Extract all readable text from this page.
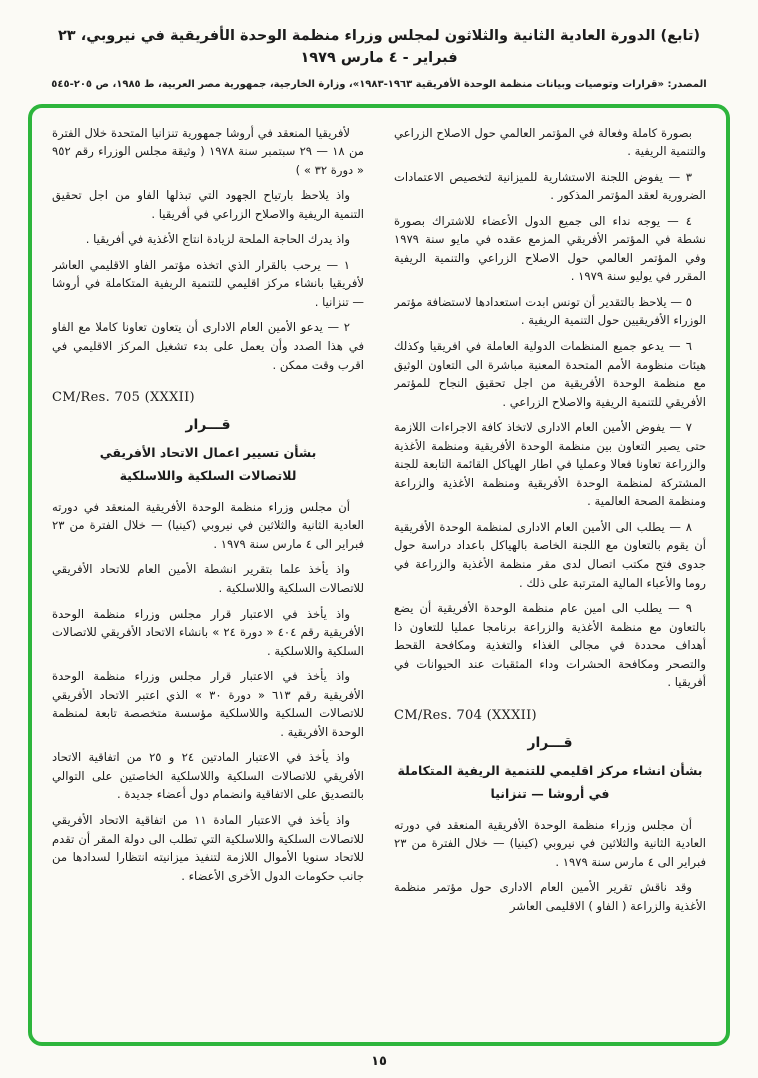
(تابع) الدورة العادية الثانية والثلاثون لمجلس وزراء منظمة الوحدة الأفريقية في نيروبي، ٢٣ فبراير - ٤ مارس ١٩٧٩
المصدر: «قرارات وتوصيات وبيانات منظمة الوحدة الأفريقية ١٩٦٣-١٩٨٣»، وزارة الخارجية، جمهورية مصر العربية، ط ١٩٨٥، ص ٢٠٥-٥٤٥
بصورة كاملة وفعالة في المؤتمر العالمي حول الاصلاح الزراعي والتنمية الريفية .
٣ — يفوض اللجنة الاستشارية للميزانية لتخصيص الاعتمادات الضرورية لعقد المؤتمر المذكور .
٤ — يوجه نداء الى جميع الدول الأعضاء للاشتراك بصورة نشطة في المؤتمر الأفريقي المزمع عقده في مايو سنة ١٩٧٩ وفي المؤتمر العالمي حول الاصلاح الزراعي والتنمية الريفية المقرر في يوليو سنة ١٩٧٩ .
٥ — يلاحظ بالتقدير أن تونس ابدت استعدادها لاستضافة مؤتمر الوزراء الأفريقيين حول التنمية الريفية .
٦ — يدعو جميع المنظمات الدولية العاملة في افريقيا وكذلك هيئات منظومة الأمم المتحدة المعنية مباشرة الى التعاون الوثيق مع منظمة الوحدة الأفريقية من اجل تحقيق النجاح للمؤتمر الأفريقي للتنمية الريفية والاصلاح الزراعي .
٧ — يفوض الأمين العام الادارى لاتخاذ كافة الاجراءات اللازمة حتى يصير التعاون بين منظمة الوحدة الأفريقية ومنظمة الأغذية والزراعة تعاونا فعالا وعمليا في اطار الهياكل القائمة التابعة للجنة المشتركة لمنظمة الوحدة الأفريقية ومنظمة الأغذية والزراعة ومنظمة الصحة العالمية .
٨ — يطلب الى الأمين العام الادارى لمنظمة الوحدة الأفريقية أن يقوم بالتعاون مع اللجنة الخاصة بالهياكل باعداد دراسة حول جدوى فتح مكتب اتصال لدى مقر منظمة الأغذية والزراعة في روما والأعباء المالية المترتبة على ذلك .
٩ — يطلب الى امين عام منظمة الوحدة الأفريقية أن يضع بالتعاون مع منظمة الأغذية والزراعة برنامجا عمليا للتعاون ذا أهداف محددة في مجالى الغذاء والتغذية ومكافحة القحط والتصحر ومكافحة الحشرات وداء المثقبات عند الحيوانات في أفريقيا .
CM/Res. 704 (XXXII)
قـــرار
بشأن انشاء مركز اقليمي للتنمية الريفية المتكاملة
في أروشا — تنزانيا
أن مجلس وزراء منظمة الوحدة الأفريقية المنعقد في دورته العادية الثانية والثلاثين في نيروبي (كينيا) — خلال الفترة من ٢٣ فبراير الى ٤ مارس سنة ١٩٧٩ .
وقد ناقش تقرير الأمين العام الادارى حول مؤتمر منظمة الأغذية والزراعة ( الفاو ) الاقليمى العاشر
لأفريقيا المنعقد في أروشا جمهورية تنزانيا المتحدة خلال الفترة من ١٨ — ٢٩ سبتمبر سنة ١٩٧٨ ( وثيقة مجلس الوزراء رقم ٩٥٢ « دورة ٣٢ » )
واذ يلاحظ بارتياح الجهود التي تبذلها الفاو من اجل تحقيق التنمية الريفية والاصلاح الزراعي في أفريقيا .
واذ يدرك الحاجة الملحة لزيادة انتاج الأغذية في أفريقيا .
١ — يرحب بالقرار الذي اتخذه مؤتمر الفاو الاقليمي العاشر لأفريقيا بانشاء مركز اقليمي للتنمية الريفية المتكاملة في أروشا — تنزانيا .
٢ — يدعو الأمين العام الادارى أن يتعاون تعاونا كاملا مع الفاو في هذا الصدد وأن يعمل على بدء تشغيل المركز الاقليمي في اقرب وقت ممكن .
CM/Res. 705 (XXXII)
قـــرار
بشأن تسيير اعمال الاتحاد الأفريقي
للاتصالات السلكية واللاسلكية
أن مجلس وزراء منظمة الوحدة الأفريقية المنعقد في دورته العادية الثانية والثلاثين في نيروبي (كينيا) — خلال الفترة من ٢٣ فبراير الى ٤ مارس سنة ١٩٧٩ .
واذ يأخذ علما بتقرير انشطة الأمين العام للاتحاد الأفريقي للاتصالات السلكية واللاسلكية .
واذ يأخذ في الاعتبار قرار مجلس وزراء منظمة الوحدة الأفريقية رقم ٤٠٤ « دورة ٢٤ » بانشاء الاتحاد الأفريقي للاتصالات السلكية واللاسلكية .
واذ يأخذ في الاعتبار قرار مجلس وزراء منظمة الوحدة الأفريقية رقم ٦١٣ « دورة ٣٠ » الذي اعتبر الاتحاد الأفريقي للاتصالات السلكية واللاسلكية مؤسسة متخصصة تابعة لمنظمة الوحدة الأفريقية .
واذ يأخذ في الاعتبار المادتين ٢٤ و ٢٥ من اتفاقية الاتحاد الأفريقي للاتصالات السلكية واللاسلكية الخاصتين على التوالي بالتصديق على الاتفاقية وانضمام دول أعضاء جديدة .
واذ يأخذ في الاعتبار المادة ١١ من اتفاقية الاتحاد الأفريقي للاتصالات السلكية واللاسلكية التي تطلب الى دولة المقر أن تقدم للاتحاد سنويا الأموال اللازمة لتنفيذ ميزانيته انتظارا لسدادها من جانب حكومات الدول الأخرى الأعضاء .
١٥
